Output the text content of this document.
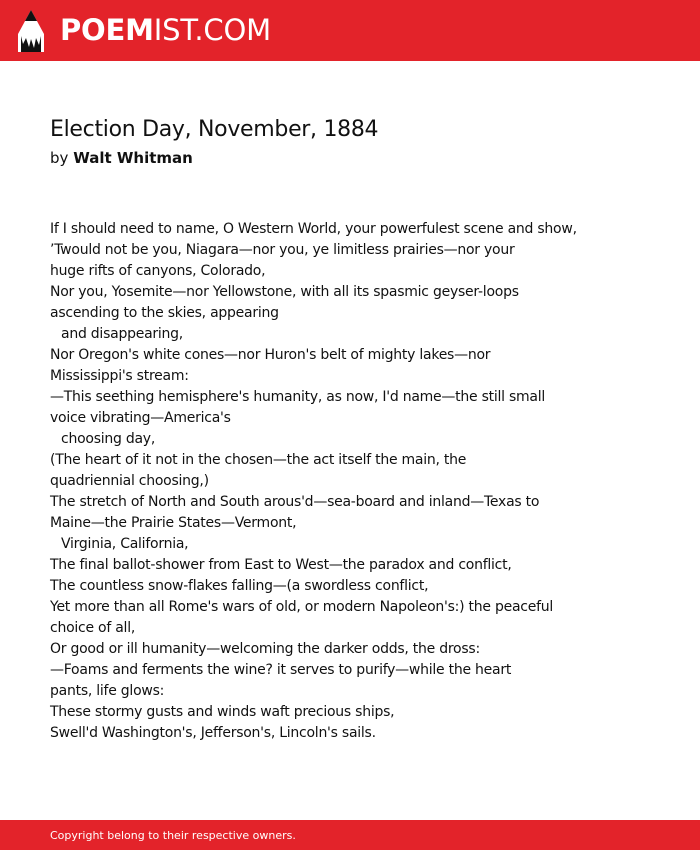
POEMIST.COM
Election Day, November, 1884
by Walt Whitman
If I should need to name, O Western World, your powerfulest scene and show,
’Twould not be you, Niagara—nor you, ye limitless prairies—nor your
huge rifts of canyons, Colorado,
Nor you, Yosemite—nor Yellowstone, with all its spasmic geyser-loops
ascending to the skies, appearing
and disappearing,
Nor Oregon's white cones—nor Huron's belt of mighty lakes—nor
Mississippi's stream:
—This seething hemisphere's humanity, as now, I'd name—the still small
voice vibrating—America's
choosing day,
(The heart of it not in the chosen—the act itself the main, the
quadriennial choosing,)
The stretch of North and South arous'd—sea-board and inland—Texas to
Maine—the Prairie States—Vermont,
Virginia, California,
The final ballot-shower from East to West—the paradox and conflict,
The countless snow-flakes falling—(a swordless conflict,
Yet more than all Rome's wars of old, or modern Napoleon's:) the peaceful
choice of all,
Or good or ill humanity—welcoming the darker odds, the dross:
—Foams and ferments the wine? it serves to purify—while the heart
pants, life glows:
These stormy gusts and winds waft precious ships,
Swell'd Washington's, Jefferson's, Lincoln's sails.
Copyright belong to their respective owners.
